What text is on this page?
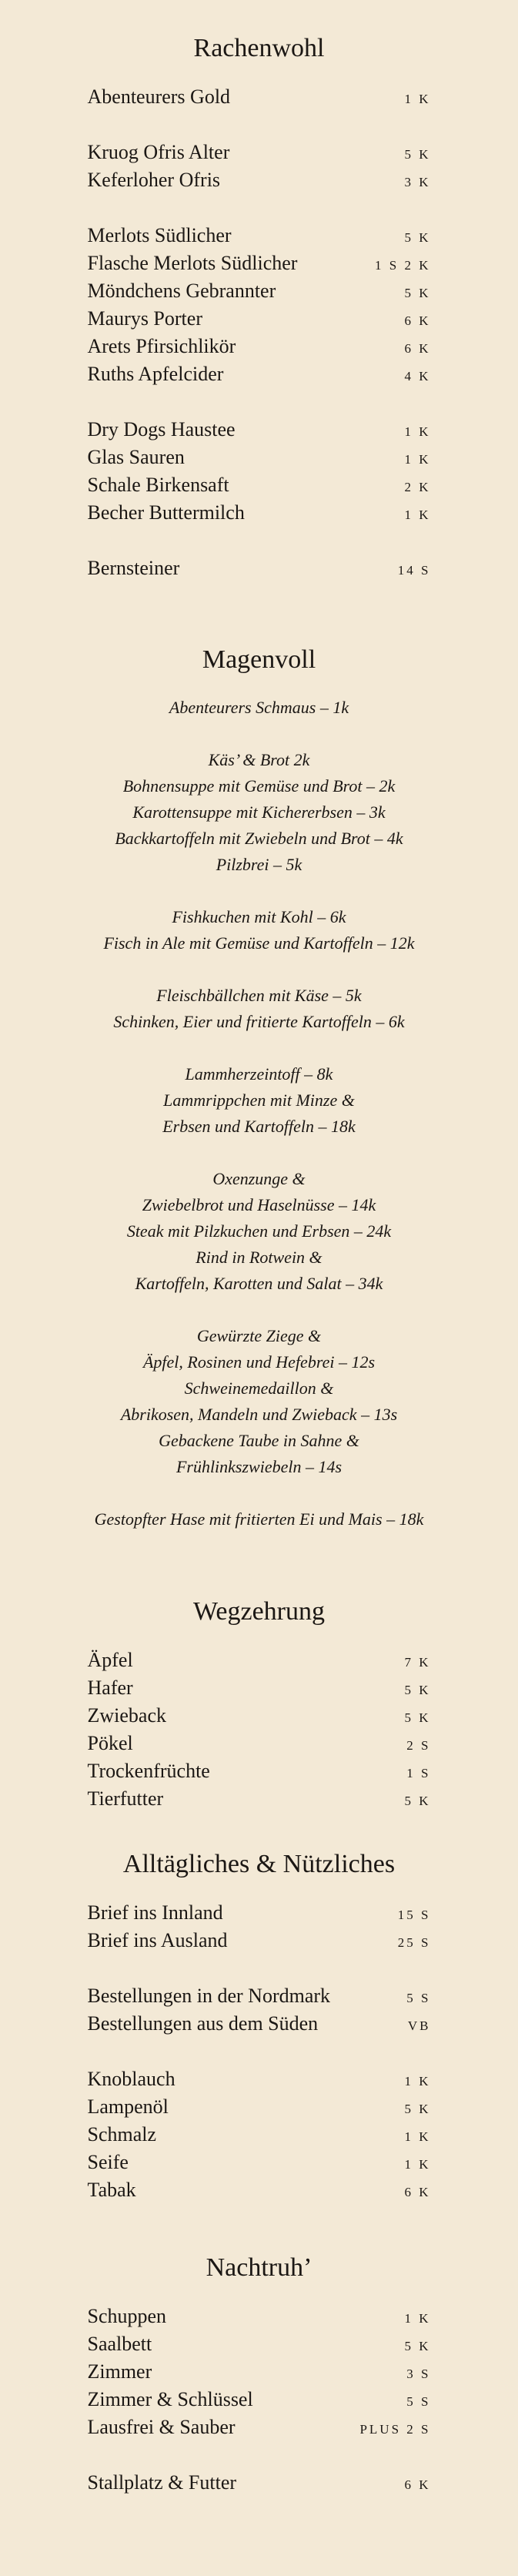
Rachenwohl
Abenteurers Gold	1 K
Kruog Ofris Alter	5 K
Keferloher Ofris	3 K
Merlots Südlicher	5 K
Flasche Merlots Südlicher	1 S 2 K
Möndchens Gebrannter	5 K
Maurys Porter	6 K
Arets Pfirsichlikör	6 K
Ruths Apfelcider	4 K
Dry Dogs Haustee	1 K
Glas Sauren	1 K
Schale Birkensaft	2 K
Becher Buttermilch	1 K
Bernsteiner	14 S
Magenvoll
Abenteurers Schmaus – 1k
Käs’ & Brot 2k
Bohnensuppe mit Gemüse und Brot – 2k
Karottensuppe mit Kichererbsen – 3k
Backkartoffeln mit Zwiebeln und Brot – 4k
Pilzbrei – 5k
Fishkuchen mit Kohl – 6k
Fisch in Ale mit Gemüse und Kartoffeln – 12k
Fleischbällchen mit Käse – 5k
Schinken, Eier und fritierte Kartoffeln – 6k
Lammherzeintoff – 8k
Lammrippchen mit Minze &
Erbsen und Kartoffeln – 18k
Oxenzunge &
Zwiebelbrot und Haselnüsse – 14k
Steak mit Pilzkuchen und Erbsen – 24k
Rind in Rotwein &
Kartoffeln, Karotten und Salat – 34k
Gewürzte Ziege &
Äpfel, Rosinen und Hefebrei – 12s
Schweinemedaillon &
Abrikosen, Mandeln und Zwieback – 13s
Gebackene Taube in Sahne &
Frühlinkszwiebeln – 14s
Gestopfter Hase mit fritierten Ei und Mais – 18k
Wegzehrung
Äpfel	7 K
Hafer	5 K
Zwieback	5 K
Pökel	2 S
Trockenfrüchte	1 S
Tierfutter	5 K
Alltägliches & Nützliches
Brief ins Innland	15 S
Brief ins Ausland	25 S
Bestellungen in der Nordmark	5 S
Bestellungen aus dem Süden	VB
Knoblauch	1 K
Lampenöl	5 K
Schmalz	1 K
Seife	1 K
Tabak	6 K
Nachtruh’
Schuppen	1 K
Saalbett	5 K
Zimmer	3 S
Zimmer & Schlüssel	5 S
Lausfrei & Sauber	PLUS 2 S
Stallplatz & Futter	6 K
